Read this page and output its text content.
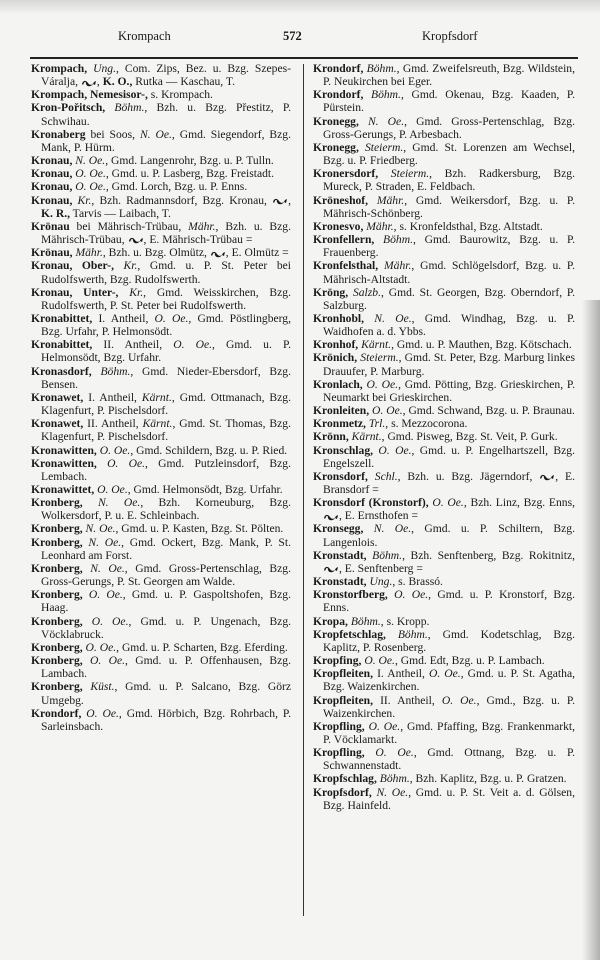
Krompach	572	Kropfsdorf

Krompach, Ung., Com. Zips, Bez. u. Bzg. Szepes-Váralja,
, K. O., Rutka — Kaschau, T.

Krompach, Nemesisor-, s. Krompach.

Kron-Pořitsch, Böhm., Bzh. u. Bzg. Přestitz, P. Schwihau.

Kronaberg bei Soos, N. Oe., Gmd. Siegendorf, Bzg. Mank, P. Hürm.

Kronau, N. Oe., Gmd. Langenrohr, Bzg. u. P. Tulln.

Kronau, O. Oe., Gmd. u. P. Lasberg, Bzg. Freistadt.

Kronau, O. Oe., Gmd. Lorch, Bzg. u. P. Enns.

Kronau, Kr., Bzh. Radmannsdorf, Bzg. Kronau,
, K. R., Tarvis — Laibach, T.

Krönau bei Mährisch-Trübau, Mähr., Bzh. u. Bzg. Mährisch-Trübau,
, E. Mährisch-Trübau =

Krönau, Mähr., Bzh. u. Bzg. Olmütz,
, E. Olmütz =

Kronau, Ober-, Kr., Gmd. u. P. St. Peter bei Rudolfswerth, Bzg. Rudolfswerth.

Kronau, Unter-, Kr., Gmd. Weisskirchen, Bzg. Rudolfswerth, P. St. Peter bei Rudolfswerth.

Kronabittet, I. Antheil, O. Oe., Gmd. Pöstlingberg, Bzg. Urfahr, P. Helmonsödt.

Kronabittet, II. Antheil, O. Oe., Gmd. u. P. Helmonsödt, Bzg. Urfahr.

Kronasdorf, Böhm., Gmd. Nieder-Ebersdorf, Bzg. Bensen.

Kronawet, I. Antheil, Kärnt., Gmd. Ottmanach, Bzg. Klagenfurt, P. Pischelsdorf.

Kronawet, II. Antheil, Kärnt., Gmd. St. Thomas, Bzg. Klagenfurt, P. Pischelsdorf.

Kronawitten, O. Oe., Gmd. Schildern, Bzg. u. P. Ried.

Kronawitten, O. Oe., Gmd. Putzleinsdorf, Bzg. Lembach.

Kronawittet, O. Oe., Gmd. Helmonsödt, Bzg. Urfahr.

Kronberg, N. Oe., Bzh. Korneuburg, Bzg. Wolkersdorf, P. u. E. Schleinbach.

Kronberg, N. Oe., Gmd. u. P. Kasten, Bzg. St. Pölten.

Kronberg, N. Oe., Gmd. Ockert, Bzg. Mank, P. St. Leonhard am Forst.

Kronberg, N. Oe., Gmd. Gross-Pertenschlag, Bzg. Gross-Gerungs, P. St. Georgen am Walde.

Kronberg, O. Oe., Gmd. u. P. Gaspoltshofen, Bzg. Haag.

Kronberg, O. Oe., Gmd. u. P. Ungenach, Bzg. Vöcklabruck.

Kronberg, O. Oe., Gmd. u. P. Scharten, Bzg. Eferding.

Kronberg, O. Oe., Gmd. u. P. Offenhausen, Bzg. Lambach.

Kronberg, Küst., Gmd. u. P. Salcano, Bzg. Görz Umgebg.

Krondorf, O. Oe., Gmd. Hörbich, Bzg. Rohrbach, P. Sarleinsbach.

Krondorf, Böhm., Gmd. Zweifelsreuth, Bzg. Wildstein, P. Neukirchen bei Eger.

Krondorf, Böhm., Gmd. Okenau, Bzg. Kaaden, P. Pürstein.

Kronegg, N. Oe., Gmd. Gross-Pertenschlag, Bzg. Gross-Gerungs, P. Arbesbach.

Kronegg, Steierm., Gmd. St. Lorenzen am Wechsel, Bzg. u. P. Friedberg.

Kronersdorf, Steierm., Bzh. Radkersburg, Bzg. Mureck, P. Straden, E. Feldbach.

Kröneshof, Mähr., Gmd. Weikersdorf, Bzg. u. P. Mährisch-Schönberg.

Kronesvo, Mähr., s. Kronfeldsthal, Bzg. Altstadt.

Kronfellern, Böhm., Gmd. Baurowitz, Bzg. u. P. Frauenberg.

Kronfelsthal, Mähr., Gmd. Schlögelsdorf, Bzg. u. P. Mährisch-Altstadt.

Kröng, Salzb., Gmd. St. Georgen, Bzg. Oberndorf, P. Salzburg.

Kronhobl, N. Oe., Gmd. Windhag, Bzg. u. P. Waidhofen a. d. Ybbs.

Kronhof, Kärnt., Gmd. u. P. Mauthen, Bzg. Kötschach.

Krönich, Steierm., Gmd. St. Peter, Bzg. Marburg linkes Drauufer, P. Marburg.

Kronlach, O. Oe., Gmd. Pötting, Bzg. Grieskirchen, P. Neumarkt bei Grieskirchen.

Kronleiten, O. Oe., Gmd. Schwand, Bzg. u. P. Braunau.

Kronmetz, Trl., s. Mezzocorona.

Krönn, Kärnt., Gmd. Pisweg, Bzg. St. Veit, P. Gurk.

Kronschlag, O. Oe., Gmd. u. P. Engelhartszell, Bzg. Engelszell.

Kronsdorf, Schl., Bzh. u. Bzg. Jägerndorf,
, E. Bransdorf =

Kronsdorf (Kronstorf), O. Oe., Bzh. Linz, Bzg. Enns,
, E. Ernsthofen =

Kronsegg, N. Oe., Gmd. u. P. Schiltern, Bzg. Langenlois.

Kronstadt, Böhm., Bzh. Senftenberg, Bzg. Rokitnitz,
, E. Senftenberg =

Kronstadt, Ung., s. Brassó.

Kronstorfberg, O. Oe., Gmd. u. P. Kronstorf, Bzg. Enns.

Kropa, Böhm., s. Kropp.

Kropfetschlag, Böhm., Gmd. Kodetschlag, Bzg. Kaplitz, P. Rosenberg.

Kropfing, O. Oe., Gmd. Edt, Bzg. u. P. Lambach.

Kropfleiten, I. Antheil, O. Oe., Gmd. u. P. St. Agatha, Bzg. Waizenkirchen.

Kropfleiten, II. Antheil, O. Oe., Gmd., Bzg. u. P. Waizenkirchen.

Kropfling, O. Oe., Gmd. Pfaffing, Bzg. Frankenmarkt, P. Vöcklamarkt.

Kropfling, O. Oe., Gmd. Ottnang, Bzg. u. P. Schwannenstadt.

Kropfschlag, Böhm., Bzh. Kaplitz, Bzg. u. P. Gratzen.

Kropfsdorf, N. Oe., Gmd. u. P. St. Veit a. d. Gölsen, Bzg. Hainfeld.
